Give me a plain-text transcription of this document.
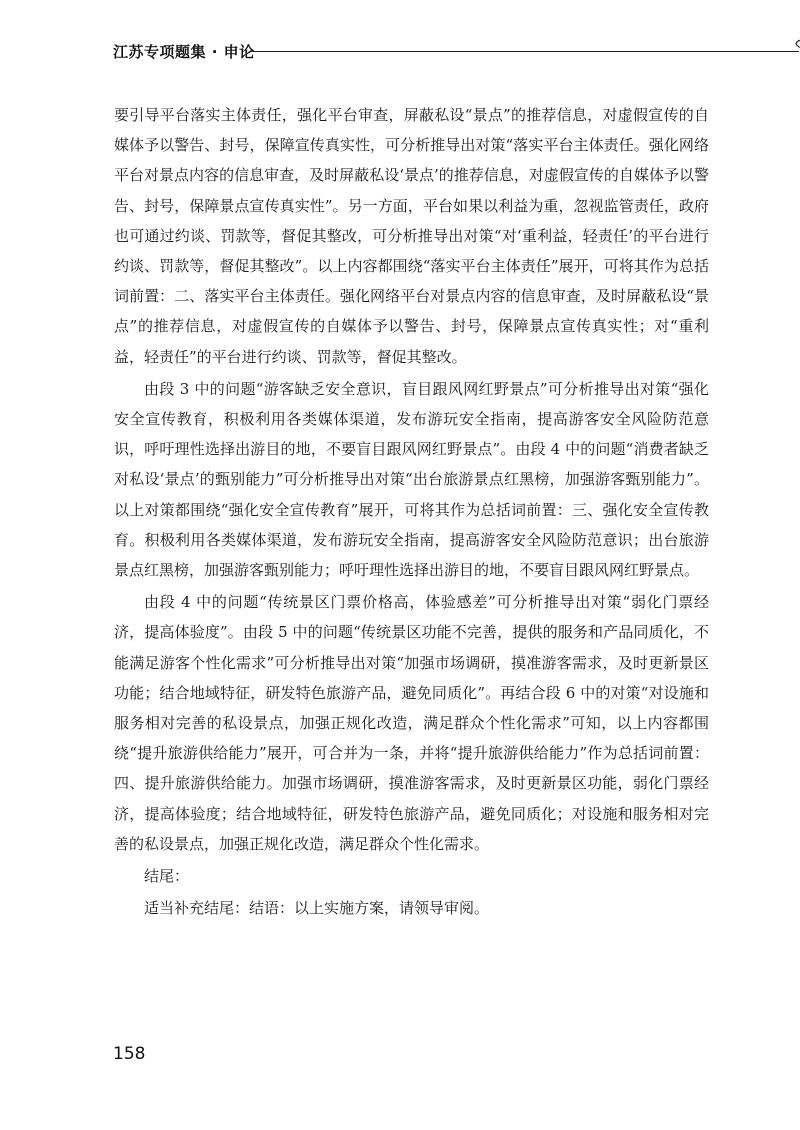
江苏专项题集 · 申论

要引导平台落实主体责任，强化平台审查，屏蔽私设“景点”的推荐信息，对虚假宣传的自媒体予以警告、封号，保障宣传真实性，可分析推导出对策“落实平台主体责任。强化网络平台对景点内容的信息审查，及时屏蔽私设‘景点’的推荐信息，对虚假宣传的自媒体予以警告、封号，保障景点宣传真实性”。另一方面，平台如果以利益为重，忽视监管责任，政府也可通过约谈、罚款等，督促其整改，可分析推导出对策“对‘重利益，轻责任’的平台进行约谈、罚款等，督促其整改”。以上内容都围绕“落实平台主体责任”展开，可将其作为总括词前置：二、落实平台主体责任。强化网络平台对景点内容的信息审查，及时屏蔽私设“景点”的推荐信息，对虚假宣传的自媒体予以警告、封号，保障景点宣传真实性；对“重利益，轻责任”的平台进行约谈、罚款等，督促其整改。

由段 3 中的问题“游客缺乏安全意识，盲目跟风网红野景点”可分析推导出对策“强化安全宣传教育，积极利用各类媒体渠道，发布游玩安全指南，提高游客安全风险防范意识，呼吁理性选择出游目的地，不要盲目跟风网红野景点”。由段 4 中的问题“消费者缺乏对私设‘景点’的甄别能力”可分析推导出对策“出台旅游景点红黑榜，加强游客甄别能力”。以上对策都围绕“强化安全宣传教育”展开，可将其作为总括词前置：三、强化安全宣传教育。积极利用各类媒体渠道，发布游玩安全指南，提高游客安全风险防范意识；出台旅游景点红黑榜，加强游客甄别能力；呼吁理性选择出游目的地，不要盲目跟风网红野景点。

由段 4 中的问题“传统景区门票价格高，体验感差”可分析推导出对策“弱化门票经济，提高体验度”。由段 5 中的问题“传统景区功能不完善，提供的服务和产品同质化，不能满足游客个性化需求”可分析推导出对策“加强市场调研，摸准游客需求，及时更新景区功能；结合地域特征，研发特色旅游产品，避免同质化”。再结合段 6 中的对策“对设施和服务相对完善的私设景点，加强正规化改造，满足群众个性化需求”可知，以上内容都围绕“提升旅游供给能力”展开，可合并为一条，并将“提升旅游供给能力”作为总括词前置：四、提升旅游供给能力。加强市场调研，摸准游客需求，及时更新景区功能，弱化门票经济，提高体验度；结合地域特征，研发特色旅游产品，避免同质化；对设施和服务相对完善的私设景点，加强正规化改造，满足群众个性化需求。

结尾：

适当补充结尾：结语：以上实施方案，请领导审阅。

158
